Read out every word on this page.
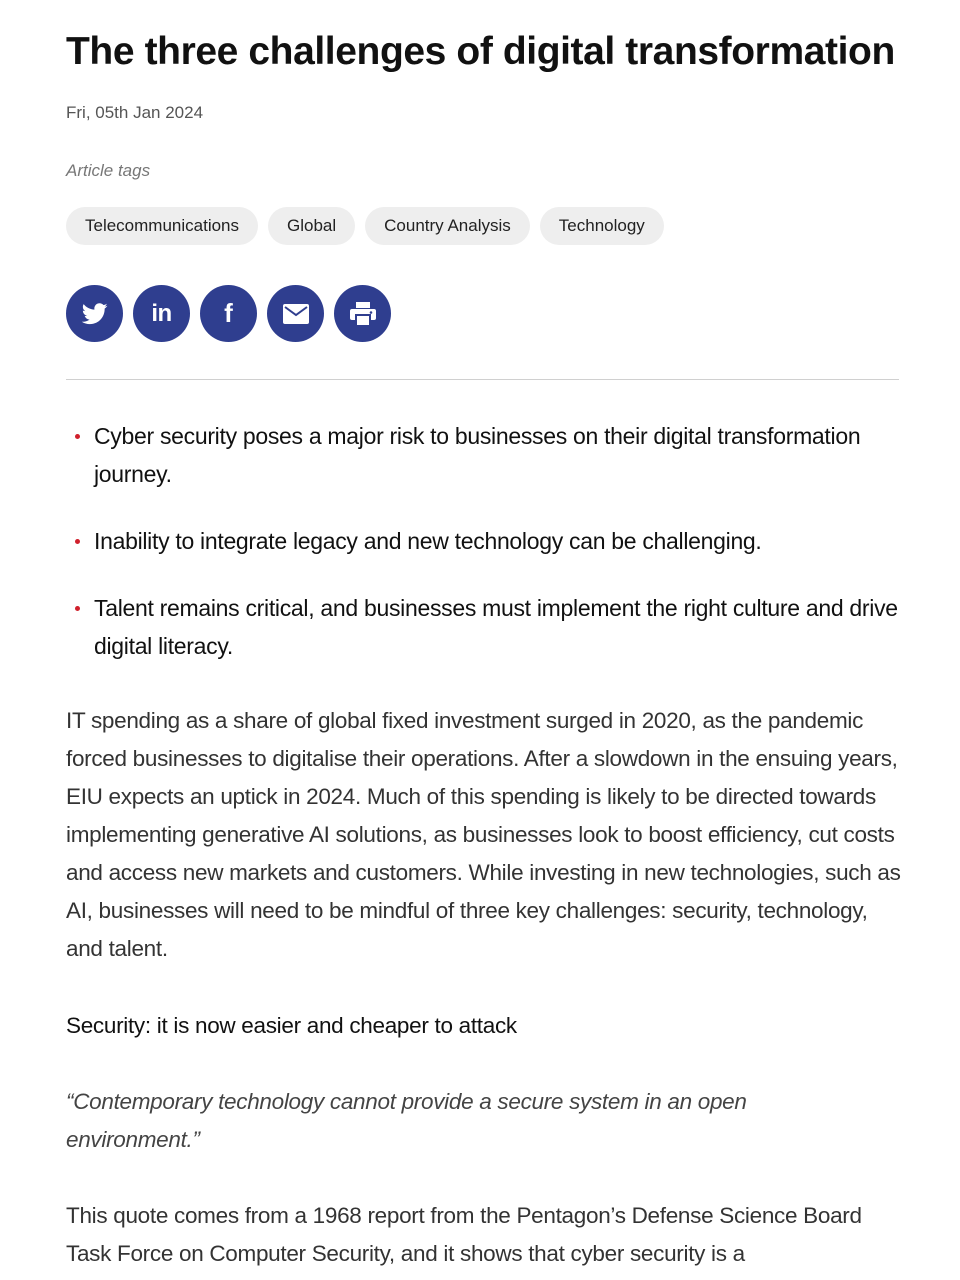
The three challenges of digital transformation
Fri, 05th Jan 2024
Article tags
Telecommunications	Global	Country Analysis	Technology
in f
Cyber security poses a major risk to businesses on their digital transformation journey.
Inability to integrate legacy and new technology can be challenging.
Talent remains critical, and businesses must implement the right culture and drive digital literacy.

IT spending as a share of global fixed investment surged in 2020, as the pandemic forced businesses to digitalise their operations. After a slowdown in the ensuing years, EIU expects an uptick in 2024. Much of this spending is likely to be directed towards implementing generative AI solutions, as businesses look to boost efficiency, cut costs and access new markets and customers. While investing in new technologies, such as AI, businesses will need to be mindful of three key challenges: security, technology, and talent.

Security: it is now easier and cheaper to attack

“Contemporary technology cannot provide a secure system in an open environment.”

This quote comes from a 1968 report from the Pentagon’s Defense Science Board Task Force on Computer Security, and it shows that cyber security is a
